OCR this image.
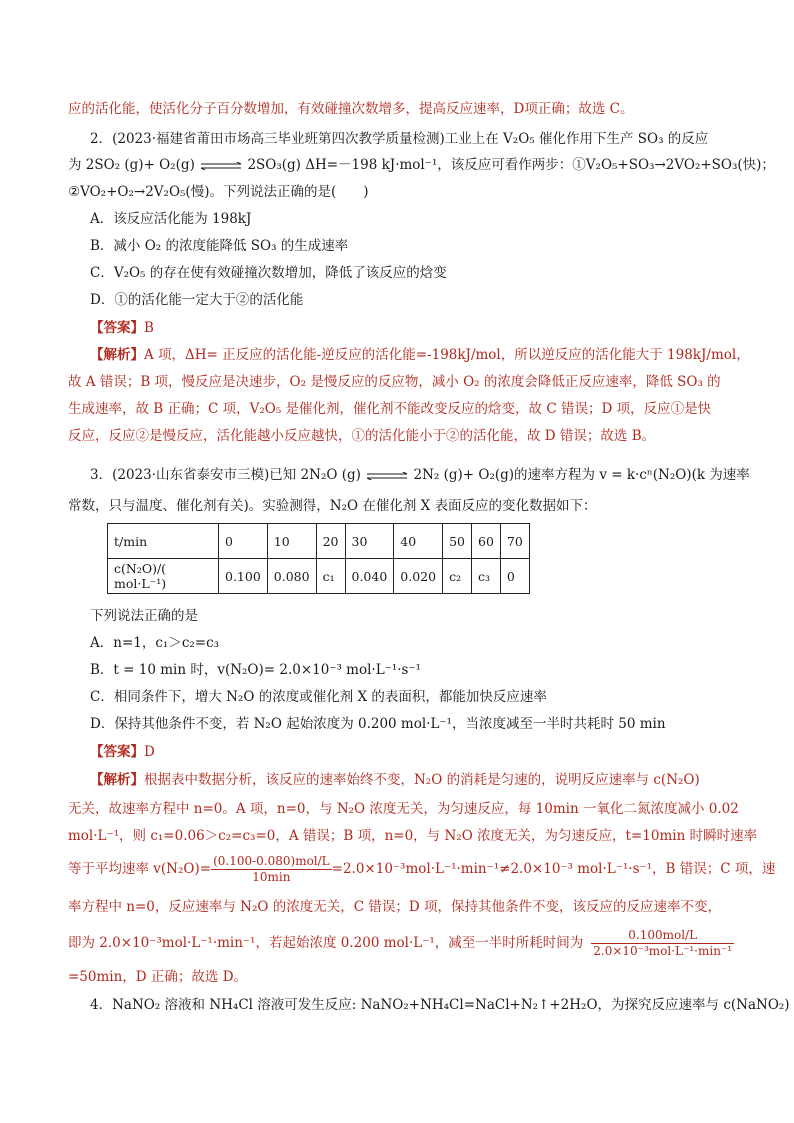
应的活化能，使活化分子百分数增加，有效碰撞次数增多，提高反应速率，D项正确；故选 C。
2．(2023·福建省莆田市场高三毕业班第四次教学质量检测)工业上在 V₂O₅ 催化作用下生产 SO₃ 的反应
为 2SO₂ (g)+ O₂(g) ⇌ 2SO₃(g) ΔH=－198 kJ·mol⁻¹，该反应可看作两步：①V₂O₅+SO₃→2VO₂+SO₃(快)；
②VO₂+O₂→2V₂O₅(慢)。下列说法正确的是(　　)
A．该反应活化能为 198kJ
B．减小 O₂ 的浓度能降低 SO₃ 的生成速率
C．V₂O₅ 的存在使有效碰撞次数增加，降低了该反应的焓变
D．①的活化能一定大于②的活化能
【答案】B
【解析】A 项，ΔH= 正反应的活化能-逆反应的活化能=-198kJ/mol，所以逆反应的活化能大于 198kJ/mol，
故 A 错误；B 项，慢反应是决速步，O₂ 是慢反应的反应物，减小 O₂ 的浓度会降低正反应速率，降低 SO₃ 的
生成速率，故 B 正确；C 项，V₂O₅ 是催化剂，催化剂不能改变反应的焓变，故 C 错误；D 项，反应①是快
反应，反应②是慢反应，活化能越小反应越快，①的活化能小于②的活化能，故 D 错误；故选 B。
3．(2023·山东省泰安市三模)已知 2N₂O (g) ⇌ 2N₂ (g)+ O₂(g)的速率方程为 v = k·cⁿ(N₂O)(k 为速率
常数，只与温度、催化剂有关)。实验测得，N₂O 在催化剂 X 表面反应的变化数据如下：
t/min	0	10	20	30	40	50	60	70
c(N₂O)/( mol·L⁻¹)	0.100	0.080	c₁	0.040	0.020	c₂	c₃	0
下列说法正确的是
A．n=1，c₁＞c₂=c₃
B．t = 10 min 时，v(N₂O)= 2.0×10⁻³ mol·L⁻¹·s⁻¹
C．相同条件下，增大 N₂O 的浓度或催化剂 X 的表面积，都能加快反应速率
D．保持其他条件不变，若 N₂O 起始浓度为 0.200 mol·L⁻¹，当浓度减至一半时共耗时 50 min
【答案】D
【解析】根据表中数据分析，该反应的速率始终不变，N₂O 的消耗是匀速的，说明反应速率与 c(N₂O)
无关，故速率方程中 n=0。A 项，n=0，与 N₂O 浓度无关，为匀速反应，每 10min 一氧化二氮浓度减小 0.02
mol·L⁻¹，则 c₁=0.06＞c₂=c₃=0，A 错误；B 项，n=0，与 N₂O 浓度无关，为匀速反应，t=10min 时瞬时速率
等于平均速率 $v(N_2O)= \frac{\text{(0.100-0.080)mol/L}}{10\min} =2.0\times 10^{-3}mol\cdot L^{-1}\cdot\min^{-1}\ne 2.0\times 10^{-3}$ mol·L⁻¹·s⁻¹，B 错误；C 项，速
率方程中 n=0，反应速率与 N₂O 的浓度无关，C 错误；D 项，保持其他条件不变，该反应的反应速率不变，
即为 2.0×10⁻³mol·L⁻¹·min⁻¹，若起始浓度 0.200 mol·L⁻¹，减至一半时所耗时间为 $\frac{\text{0.100mol/L}}{\text{2.0×10⁻³mol·L⁻¹·min⁻¹}}$
=50min，D 正确；故选 D。
4．NaNO₂ 溶液和 NH₄Cl 溶液可发生反应: NaNO₂+NH₄Cl=NaCl+N₂↑+2H₂O，为探究反应速率与 c(NaNO₂)
